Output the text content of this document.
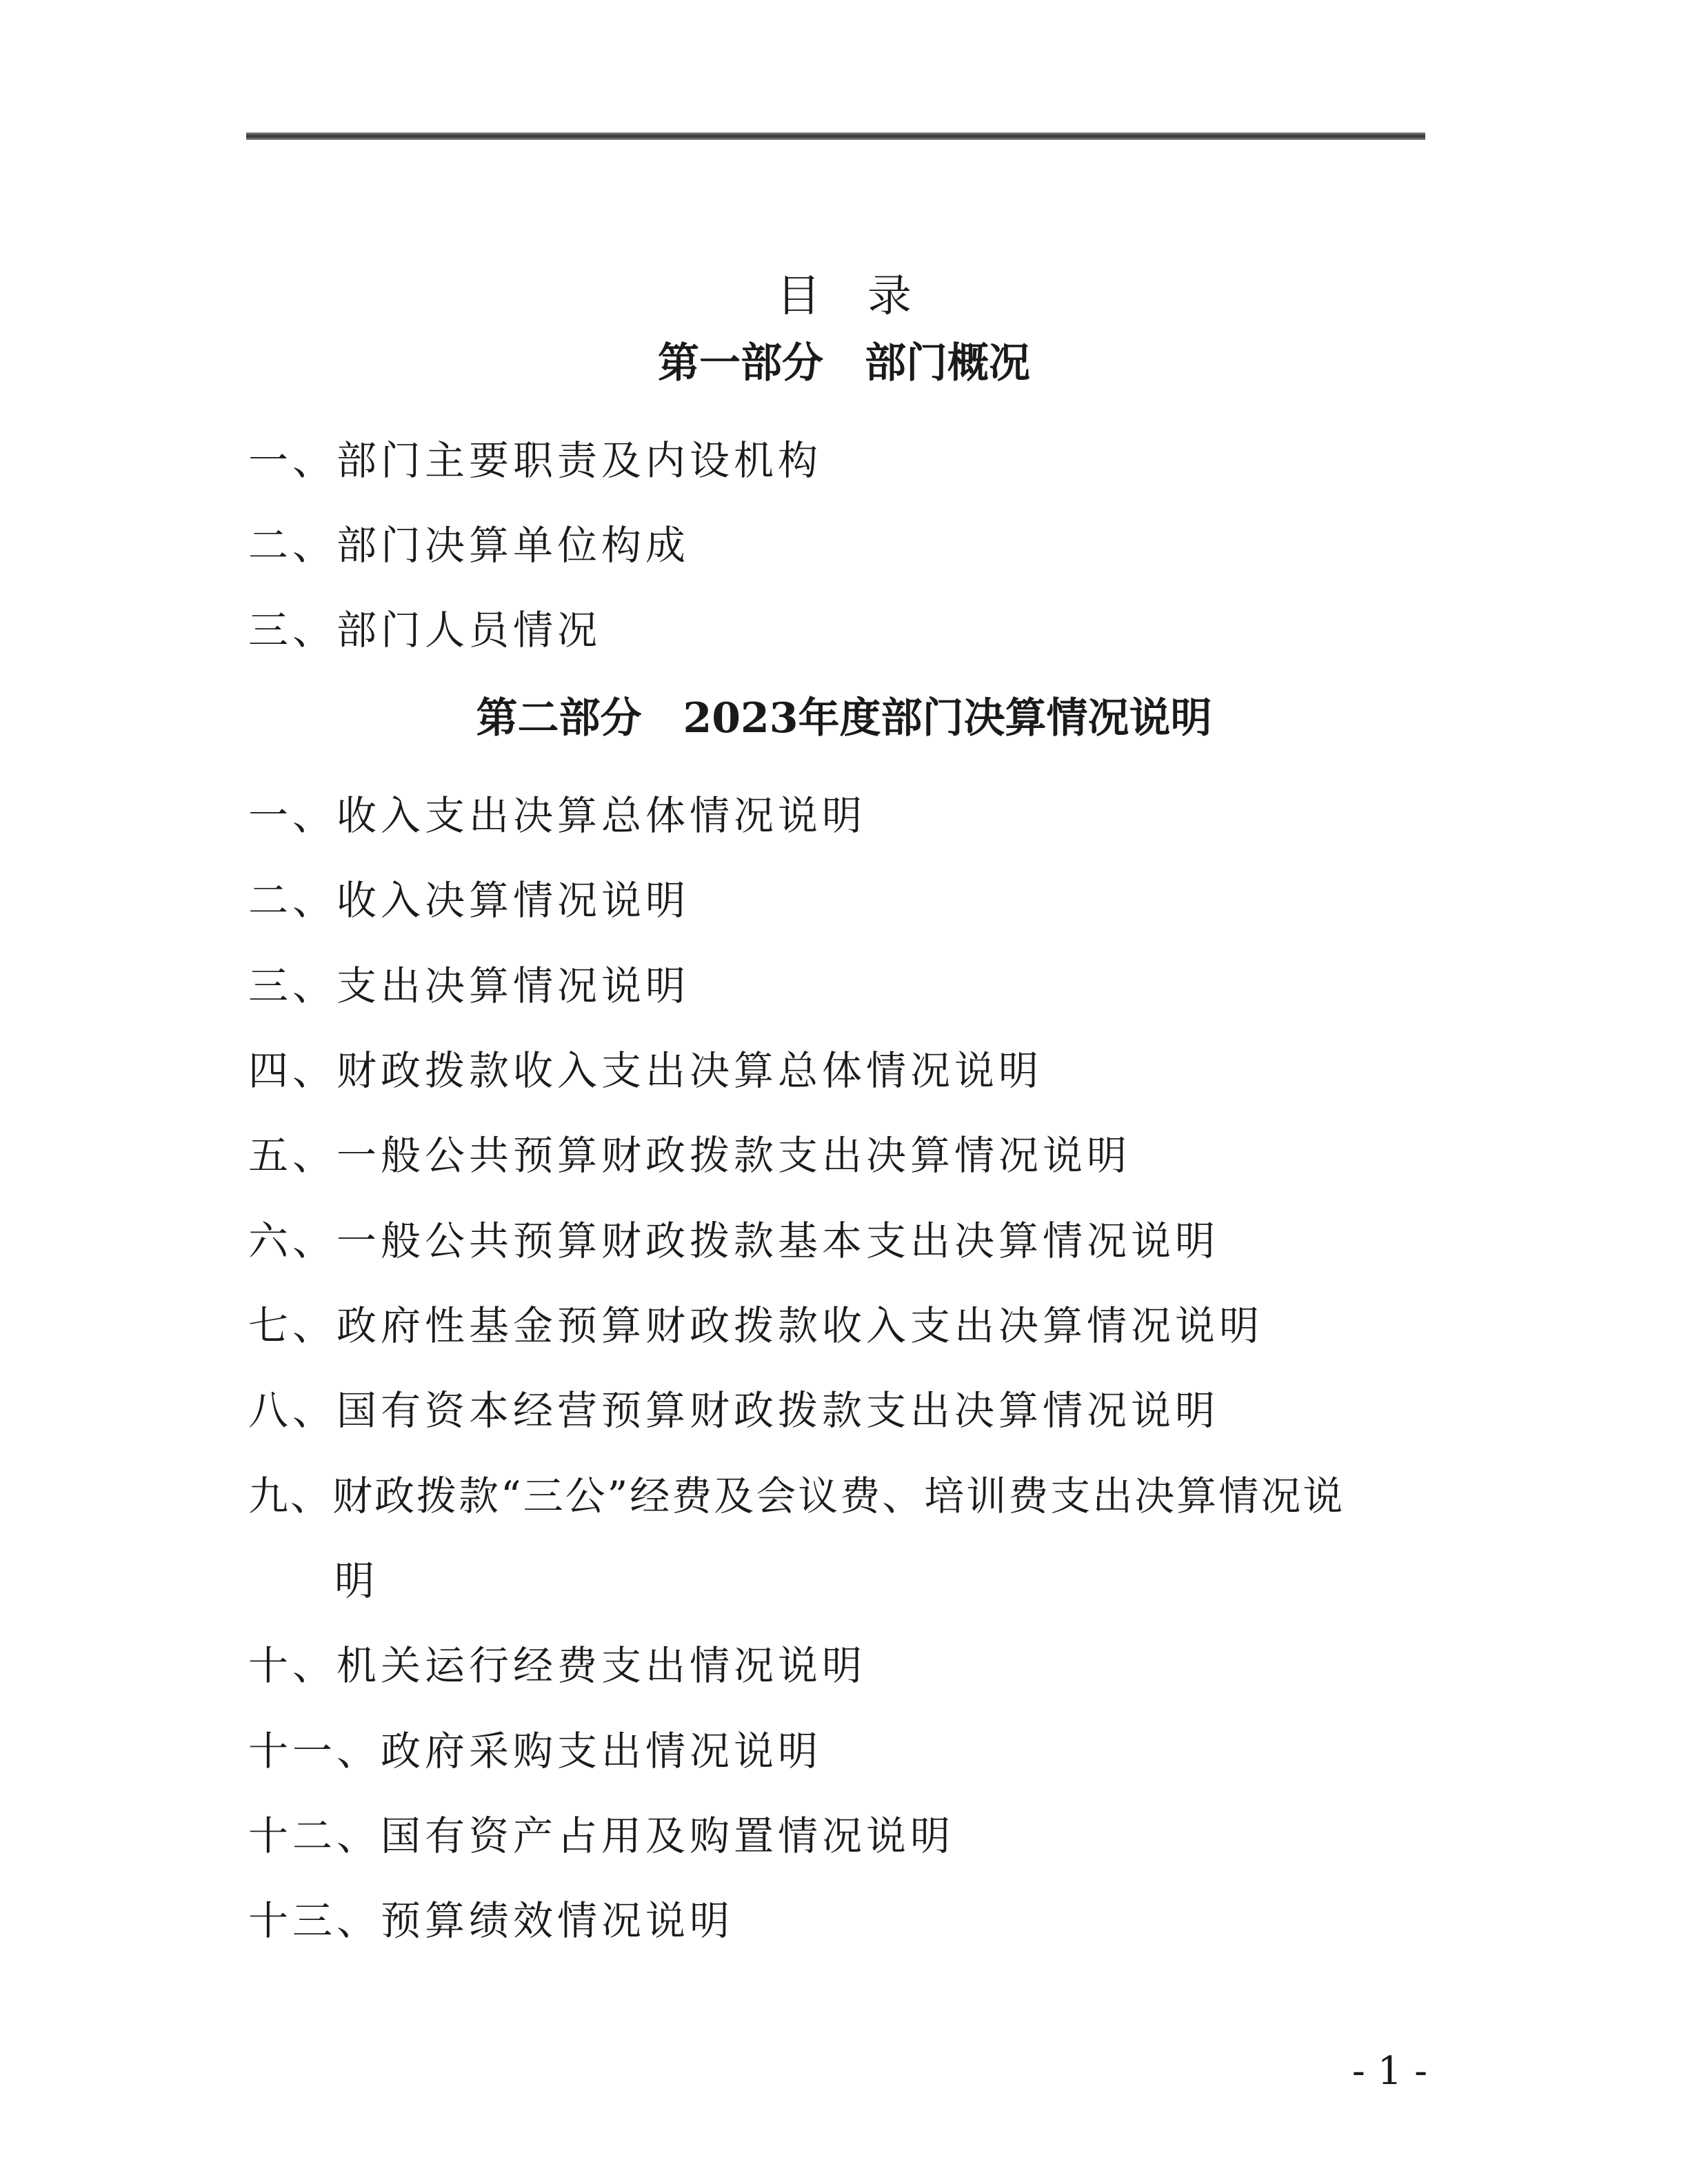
目录
第一部分　部门概况
一、部门主要职责及内设机构
二、部门决算单位构成
三、部门人员情况
第二部分　2023年度部门决算情况说明
一、收入支出决算总体情况说明
二、收入决算情况说明
三、支出决算情况说明
四、财政拨款收入支出决算总体情况说明
五、一般公共预算财政拨款支出决算情况说明
六、一般公共预算财政拨款基本支出决算情况说明
七、政府性基金预算财政拨款收入支出决算情况说明
八、国有资本经营预算财政拨款支出决算情况说明
九、财政拨款“三公”经费及会议费、培训费支出决算情况说
明
十、机关运行经费支出情况说明
十一、政府采购支出情况说明
十二、国有资产占用及购置情况说明
十三、预算绩效情况说明
- 1 -
